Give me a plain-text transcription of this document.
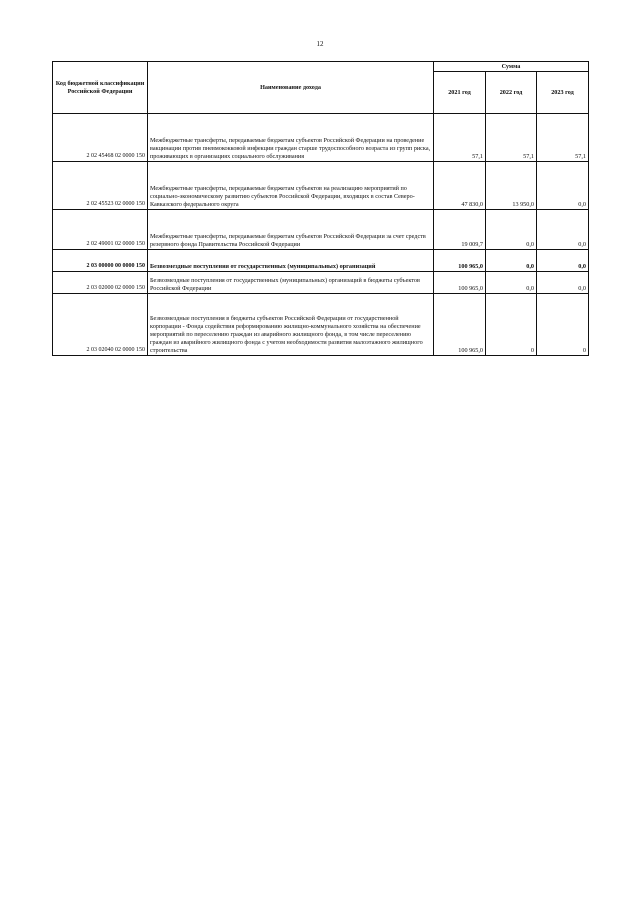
12
Код бюджетной классификации Российской Федерации	Наименование дохода	Сумма		
		2021 год	2022 год	2023 год
2 02 45468 02 0000 150	Межбюджетные трансферты, передаваемые бюджетам субъектов Российской Федерации на проведение вакцинации против пневмококковой инфекции граждан старше трудоспособного возраста из групп риска, проживающих в организациях социального обслуживания	57,1	57,1	57,1
2 02 45523 02 0000 150	Межбюджетные трансферты, передаваемые бюджетам субъектов на реализацию мероприятий по социально-экономическому развитию субъектов Российской Федерации, входящих в состав Северо-Кавказского федерального округа	47 830,0	13 950,0	0,0
2 02 49001 02 0000 150	Межбюджетные трансферты, передаваемые бюджетам субъектов Российской Федерации за счет средств резервного фонда Правительства Российской Федерации	19 009,7	0,0	0,0
2 03 00000 00 0000 150	Безвозмездные поступления от государственных (муниципальных) организаций	100 965,0	0,0	0,0
2 03 02000 02 0000 150	Безвозмездные поступления от государственных (муниципальных) организаций в бюджеты субъектов Российской Федерации	100 965,0	0,0	0,0
2 03 02040 02 0000 150	Безвозмездные поступления в бюджеты субъектов Российской Федерации от государственной корпорации - Фонда содействия реформированию жилищно-коммунального хозяйства на обеспечение мероприятий по переселению граждан из аварийного жилищного фонда, в том числе переселению граждан из аварийного жилищного фонда с учетом необходимости развития малоэтажного жилищного строительства	100 965,0	0	0
